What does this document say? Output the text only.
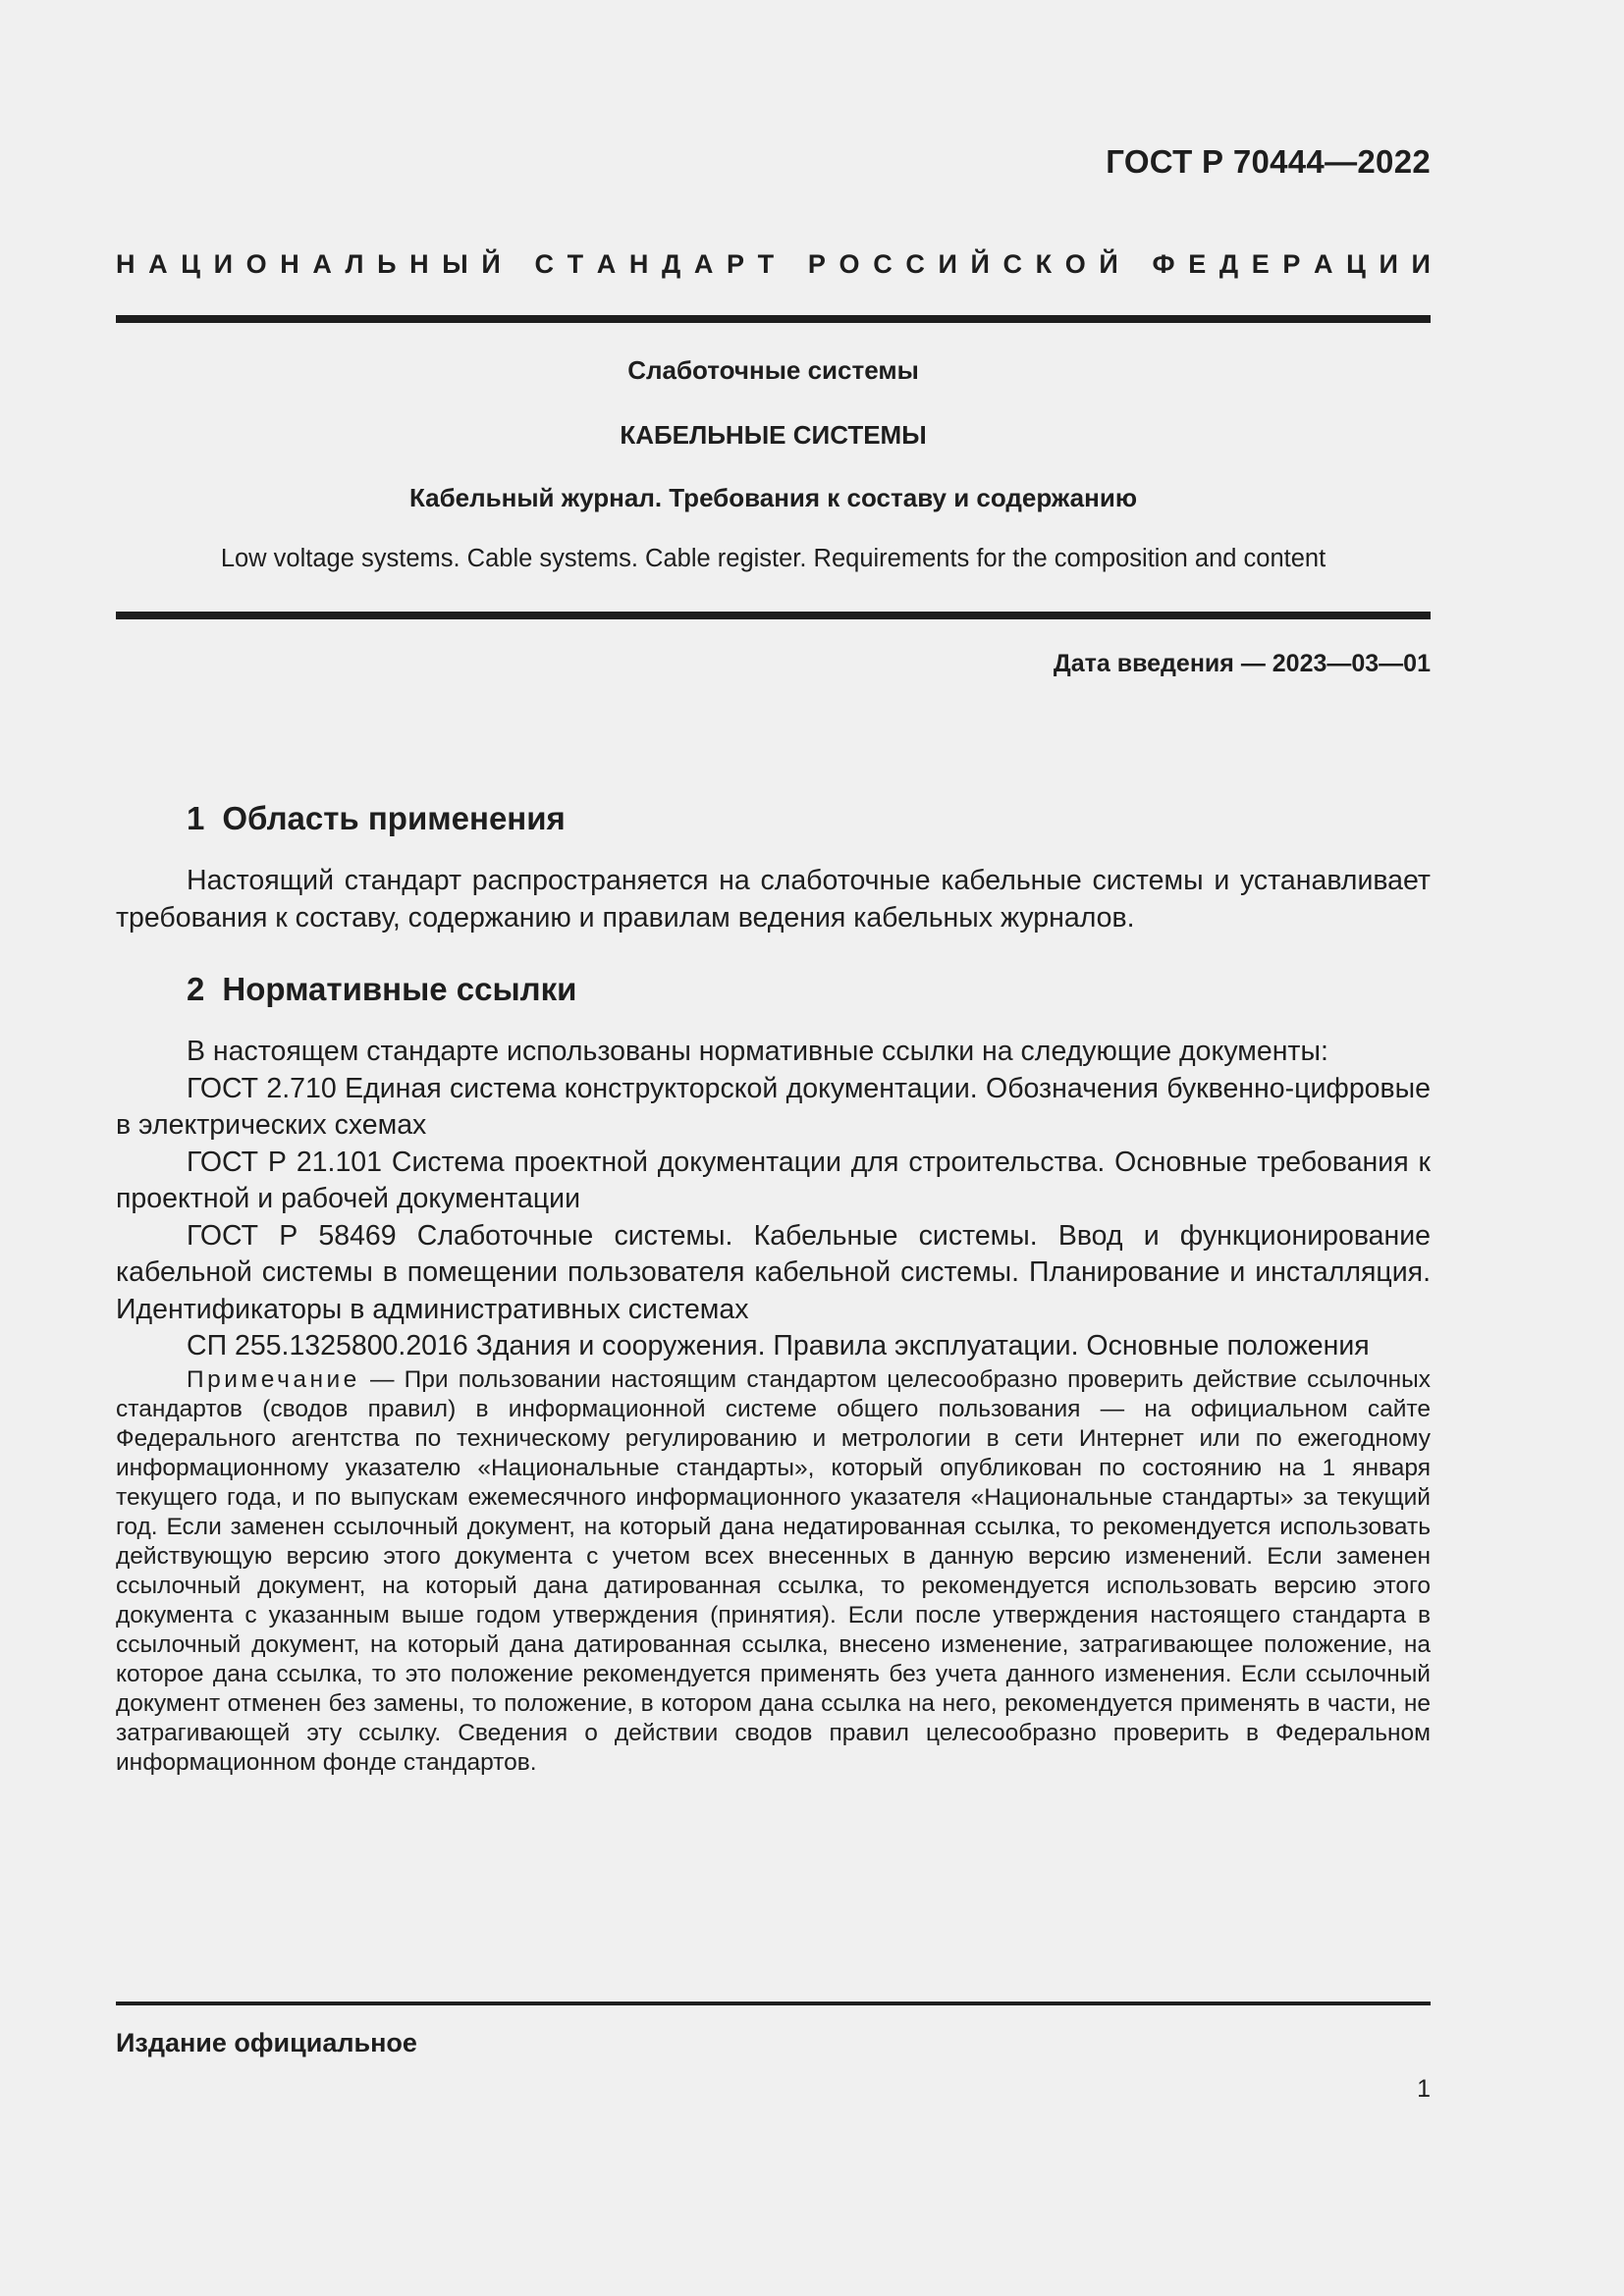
ГОСТ Р 70444—2022
Н А Ц И О Н А Л Ь Н Ы Й
С Т А Н Д А Р Т
Р О С С И Й С К О Й
Ф Е Д Е Р А Ц И И
Слаботочные системы
КАБЕЛЬНЫЕ СИСТЕМЫ
Кабельный журнал. Требования к составу и содержанию
Low voltage systems. Cable systems. Cable register. Requirements for the composition and content
Дата введения — 2023—03—01
1 Область применения

Настоящий стандарт распространяется на слаботочные кабельные системы и устанавливает требования к составу, содержанию и правилам ведения кабельных журналов.

2 Нормативные ссылки

В настоящем стандарте использованы нормативные ссылки на следующие документы:

ГОСТ 2.710 Единая система конструкторской документации. Обозначения буквенно-цифровые в электрических схемах

ГОСТ Р 21.101 Система проектной документации для строительства. Основные требования к проектной и рабочей документации

ГОСТ Р 58469 Слаботочные системы. Кабельные системы. Ввод и функционирование кабельной системы в помещении пользователя кабельной системы. Планирование и инсталляция. Идентификаторы в административных системах

СП 255.1325800.2016 Здания и сооружения. Правила эксплуатации. Основные положения

Примечание — При пользовании настоящим стандартом целесообразно проверить действие ссылочных стандартов (сводов правил) в информационной системе общего пользования — на официальном сайте Федерального агентства по техническому регулированию и метрологии в сети Интернет или по ежегодному информационному указателю «Национальные стандарты», который опубликован по состоянию на 1 января текущего года, и по выпускам ежемесячного информационного указателя «Национальные стандарты» за текущий год. Если заменен ссылочный документ, на который дана недатированная ссылка, то рекомендуется использовать действующую версию этого документа с учетом всех внесенных в данную версию изменений. Если заменен ссылочный документ, на который дана датированная ссылка, то рекомендуется использовать версию этого документа с указанным выше годом утверждения (принятия). Если после утверждения настоящего стандарта в ссылочный документ, на который дана датированная ссылка, внесено изменение, затрагивающее положение, на которое дана ссылка, то это положение рекомендуется применять без учета данного изменения. Если ссылочный документ отменен без замены, то положение, в котором дана ссылка на него, рекомендуется применять в части, не затрагивающей эту ссылку. Сведения о действии сводов правил целесообразно проверить в Федеральном информационном фонде стандартов.

Издание официальное
1
